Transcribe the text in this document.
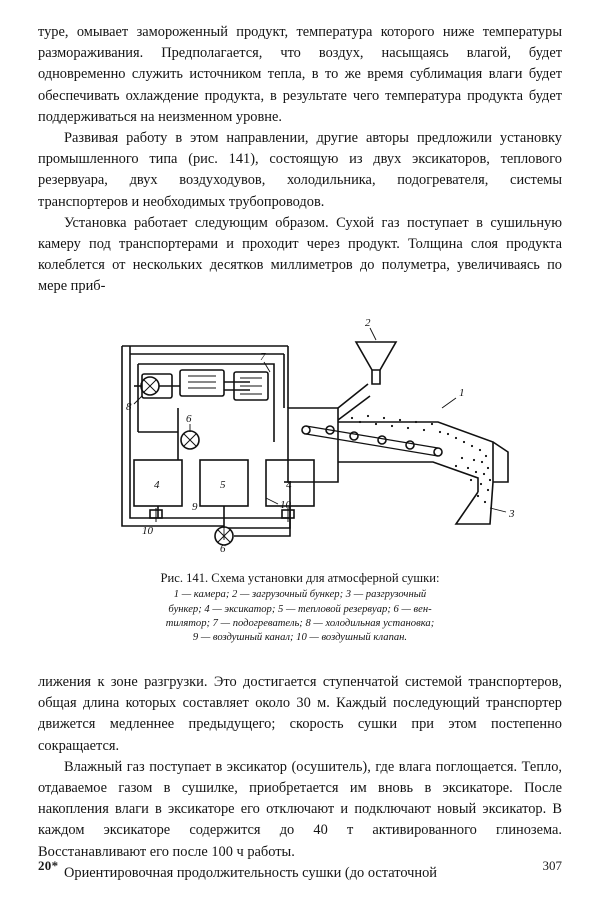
туре, омывает замороженный продукт, температура которого ниже температуры размораживания. Предполагается, что воздух, насыщаясь влагой, будет одновременно служить источником тепла, в то же время сублимация влаги будет обеспечивать охлаждение продукта, в результате чего температура продукта будет поддерживаться на неизменном уровне.

Развивая работу в этом направлении, другие авторы предложили установку промышленного типа (рис. 141), состоящую из двух эксикаторов, теплового резервуара, двух воздуходувов, холодильника, подогревателя, системы транспортеров и необходимых трубопроводов.

Установка работает следующим образом. Сухой газ поступает в сушильную камеру под транспортерами и проходит через продукт. Толщина слоя продукта колеблется от нескольких десятков миллиметров до полуметра, увеличиваясь по мере приб-

1
2
3
4	4
5
6
6
7
8
9
10
10
Рис. 141. Схема установки для атмосферной сушки:
1 — камера; 2 — загрузочный бункер; 3 — разгрузочный
бункер; 4 — эксикатор; 5 — тепловой резервуар; 6 — вен-
тилятор; 7 — подогреватель; 8 — холодильная установка;
9 — воздушный канал; 10 — воздушный клапан.

лижения к зоне разгрузки. Это достигается ступенчатой системой транспортеров, общая длина которых составляет около 30 м. Каждый последующий транспортер движется медленнее предыдущего; скорость сушки при этом постепенно сокращается.

Влажный газ поступает в эксикатор (осушитель), где влага поглощается. Тепло, отдаваемое газом в сушилке, приобретается им вновь в эксикаторе. После накопления влаги в эксикаторе его отключают и подключают новый эксикатор. В каждом эксикаторе содержится до 40 т активированного глинозема. Восстанавливают его после 100 ч работы.

Ориентировочная продолжительность сушки (до остаточной

20*	307
